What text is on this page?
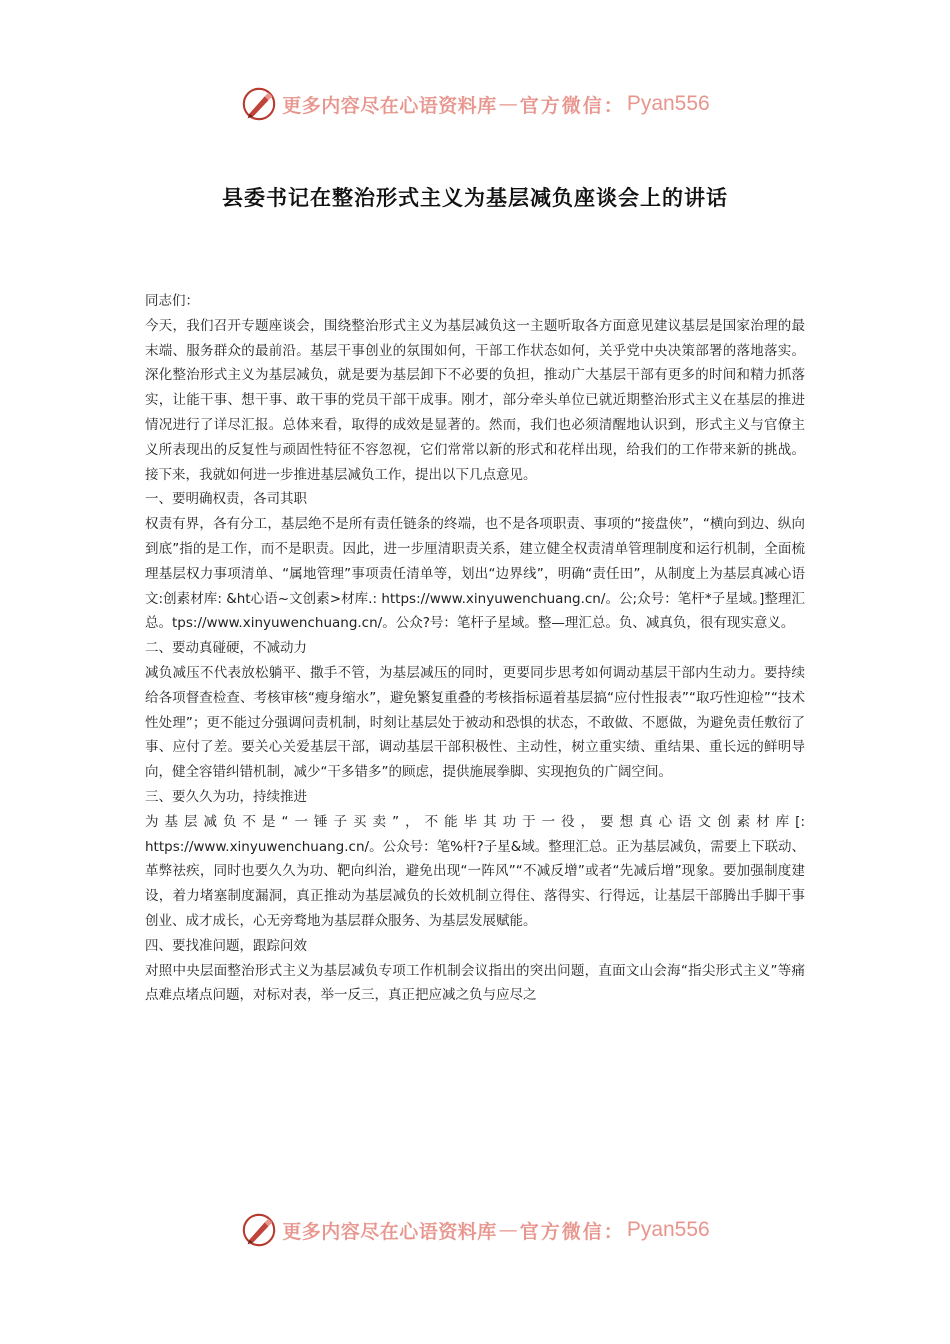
更多内容尽在心语资料库 — 官方微信： Pyan556
县委书记在整治形式主义为基层减负座谈会上的讲话

同志们：

今天，我们召开专题座谈会，围绕整治形式主义为基层减负这一主题听取各方面意见建议基层是国家治理的最末端、服务群众的最前沿。基层干事创业的氛围如何，干部工作状态如何，关乎党中央决策部署的落地落实。深化整治形式主义为基层减负，就是要为基层卸下不必要的负担，推动广大基层干部有更多的时间和精力抓落实，让能干事、想干事、敢干事的党员干部干成事。刚才，部分牵头单位已就近期整治形式主义在基层的推进情况进行了详尽汇报。总体来看，取得的成效是显著的。然而，我们也必须清醒地认识到，形式主义与官僚主义所表现出的反复性与顽固性特征不容忽视，它们常常以新的形式和花样出现，给我们的工作带来新的挑战。接下来，我就如何进一步推进基层减负工作，提出以下几点意见。

一、要明确权责，各司其职

权责有界，各有分工，基层绝不是所有责任链条的终端，也不是各项职责、事项的“接盘侠”，“横向到边、纵向到底”指的是工作，而不是职责。因此，进一步厘清职责关系，建立健全权责清单管理制度和运行机制，全面梳理基层权力事项清单、“属地管理”事项责任清单等，划出“边界线”，明确“责任田”，从制度上为基层真减心语文:创素材库: &ht心语~文创素>材库.: https://www.xinyuwenchuang.cn/。公;众号：笔杆*子星域。]整理汇总。tps://www.xinyuwenchuang.cn/。公众?号：笔杆子星域。整—理汇总。负、减真负，很有现实意义。

二、要动真碰硬，不减动力

减负减压不代表放松躺平、撒手不管，为基层减压的同时，更要同步思考如何调动基层干部内生动力。要持续给各项督查检查、考核审核“瘦身缩水”，避免繁复重叠的考核指标逼着基层搞“应付性报表”“取巧性迎检”“技术性处理”；更不能过分强调问责机制，时刻让基层处于被动和恐惧的状态，不敢做、不愿做，为避免责任敷衍了事、应付了差。要关心关爱基层干部，调动基层干部积极性、主动性，树立重实绩、重结果、重长远的鲜明导向，健全容错纠错机制，减少“干多错多”的顾虑，提供施展拳脚、实现抱负的广阔空间。

三、要久久为功，持续推进

为基层减负不是“一锤子买卖”，不能毕其功于一役，要想真心语文创素材库[: https://www.xinyuwenchuang.cn/。公众号：笔%杆?子星&域。整理汇总。正为基层减负，需要上下联动、革弊祛疾，同时也要久久为功、靶向纠治，避免出现“一阵风”“不减反增”或者“先减后增”现象。要加强制度建设，着力堵塞制度漏洞，真正推动为基层减负的长效机制立得住、落得实、行得远，让基层干部腾出手脚干事创业、成才成长，心无旁骛地为基层群众服务、为基层发展赋能。

四、要找准问题，跟踪问效

对照中央层面整治形式主义为基层减负专项工作机制会议指出的突出问题，直面文山会海“指尖形式主义”等痛点难点堵点问题，对标对表，举一反三，真正把应减之负与应尽之

更多内容尽在心语资料库 — 官方微信： Pyan556
